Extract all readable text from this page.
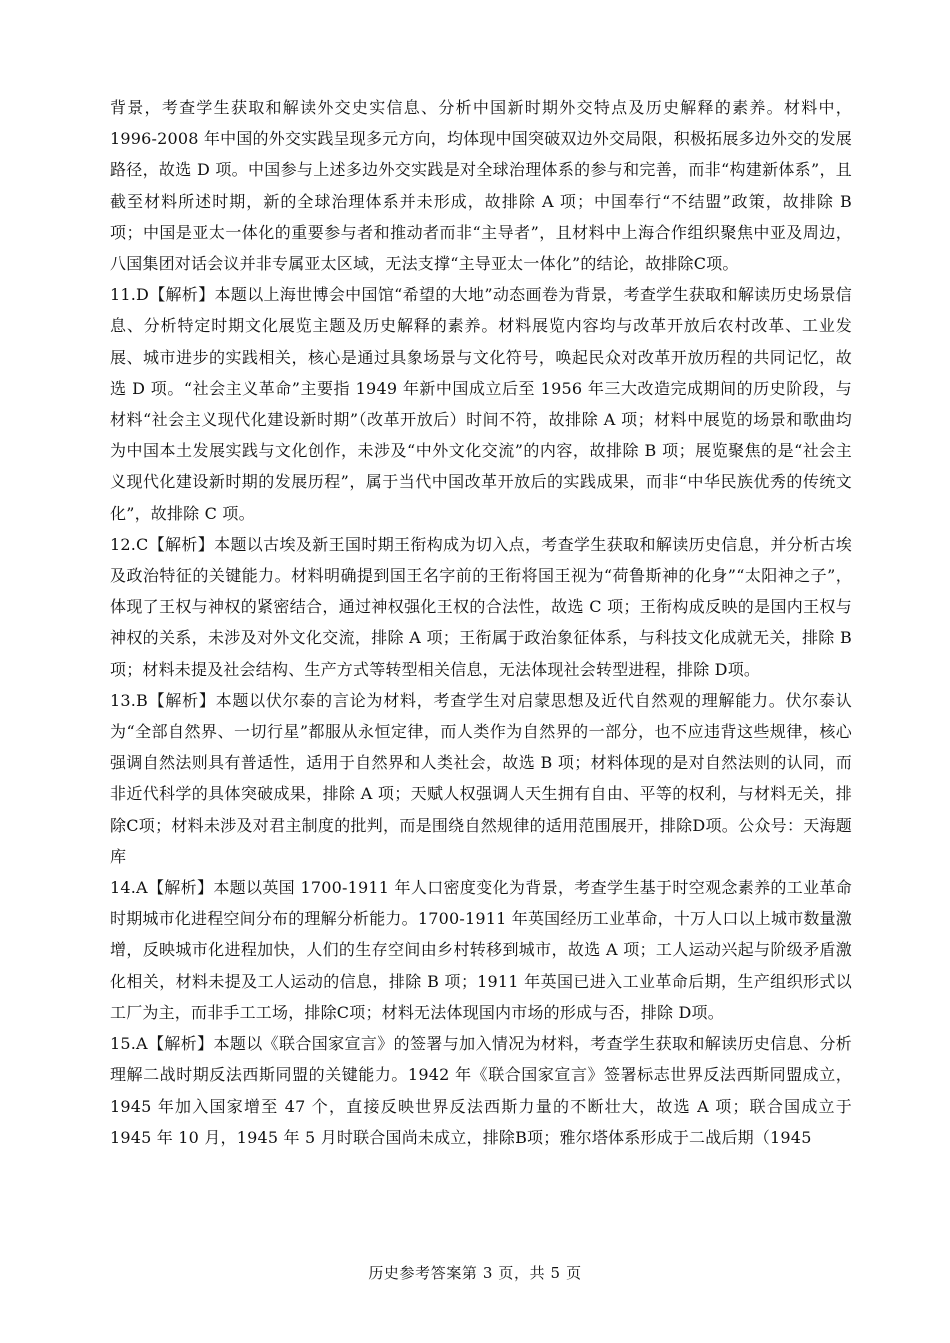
背景，考查学生获取和解读外交史实信息、分析中国新时期外交特点及历史解释的素养。材料中，1996-2008 年中国的外交实践呈现多元方向，均体现中国突破双边外交局限，积极拓展多边外交的发展路径，故选 D 项。中国参与上述多边外交实践是对全球治理体系的参与和完善，而非“构建新体系”，且截至材料所述时期，新的全球治理体系并未形成，故排除 A 项；中国奉行“不结盟”政策，故排除 B 项；中国是亚太一体化的重要参与者和推动者而非“主导者”，且材料中上海合作组织聚焦中亚及周边，八国集团对话会议并非专属亚太区域，无法支撑“主导亚太一体化”的结论，故排除C项。

11.D【解析】本题以上海世博会中国馆“希望的大地”动态画卷为背景，考查学生获取和解读历史场景信息、分析特定时期文化展览主题及历史解释的素养。材料展览内容均与改革开放后农村改革、工业发展、城市进步的实践相关，核心是通过具象场景与文化符号，唤起民众对改革开放历程的共同记忆，故选 D 项。“社会主义革命”主要指 1949 年新中国成立后至 1956 年三大改造完成期间的历史阶段，与材料“社会主义现代化建设新时期”（改革开放后）时间不符，故排除 A 项；材料中展览的场景和歌曲均为中国本土发展实践与文化创作，未涉及“中外文化交流”的内容，故排除 B 项；展览聚焦的是“社会主义现代化建设新时期的发展历程”，属于当代中国改革开放后的实践成果，而非“中华民族优秀的传统文化”，故排除 C 项。

12.C【解析】本题以古埃及新王国时期王衔构成为切入点，考查学生获取和解读历史信息，并分析古埃及政治特征的关键能力。材料明确提到国王名字前的王衔将国王视为“荷鲁斯神的化身”“太阳神之子”，体现了王权与神权的紧密结合，通过神权强化王权的合法性，故选 C 项；王衔构成反映的是国内王权与神权的关系，未涉及对外文化交流，排除 A 项；王衔属于政治象征体系，与科技文化成就无关，排除 B 项；材料未提及社会结构、生产方式等转型相关信息，无法体现社会转型进程，排除 D项。

13.B【解析】本题以伏尔泰的言论为材料，考查学生对启蒙思想及近代自然观的理解能力。伏尔泰认为“全部自然界、一切行星”都服从永恒定律，而人类作为自然界的一部分，也不应违背这些规律，核心强调自然法则具有普适性，适用于自然界和人类社会，故选 B 项；材料体现的是对自然法则的认同，而非近代科学的具体突破成果，排除 A 项；天赋人权强调人天生拥有自由、平等的权利，与材料无关，排除C项；材料未涉及对君主制度的批判，而是围绕自然规律的适用范围展开，排除D项。公众号：天海题库

14.A【解析】本题以英国 1700-1911 年人口密度变化为背景，考查学生基于时空观念素养的工业革命时期城市化进程空间分布的理解分析能力。1700-1911 年英国经历工业革命，十万人口以上城市数量激增，反映城市化进程加快，人们的生存空间由乡村转移到城市，故选 A 项；工人运动兴起与阶级矛盾激化相关，材料未提及工人运动的信息，排除 B 项；1911 年英国已进入工业革命后期，生产组织形式以工厂为主，而非手工工场，排除C项；材料无法体现国内市场的形成与否，排除 D项。

15.A【解析】本题以《联合国家宣言》的签署与加入情况为材料，考查学生获取和解读历史信息、分析理解二战时期反法西斯同盟的关键能力。1942 年《联合国家宣言》签署标志世界反法西斯同盟成立，1945 年加入国家增至 47 个，直接反映世界反法西斯力量的不断壮大，故选 A 项；联合国成立于 1945 年 10 月，1945 年 5 月时联合国尚未成立，排除B项；雅尔塔体系形成于二战后期（1945

历史参考答案第 3 页，共 5 页
